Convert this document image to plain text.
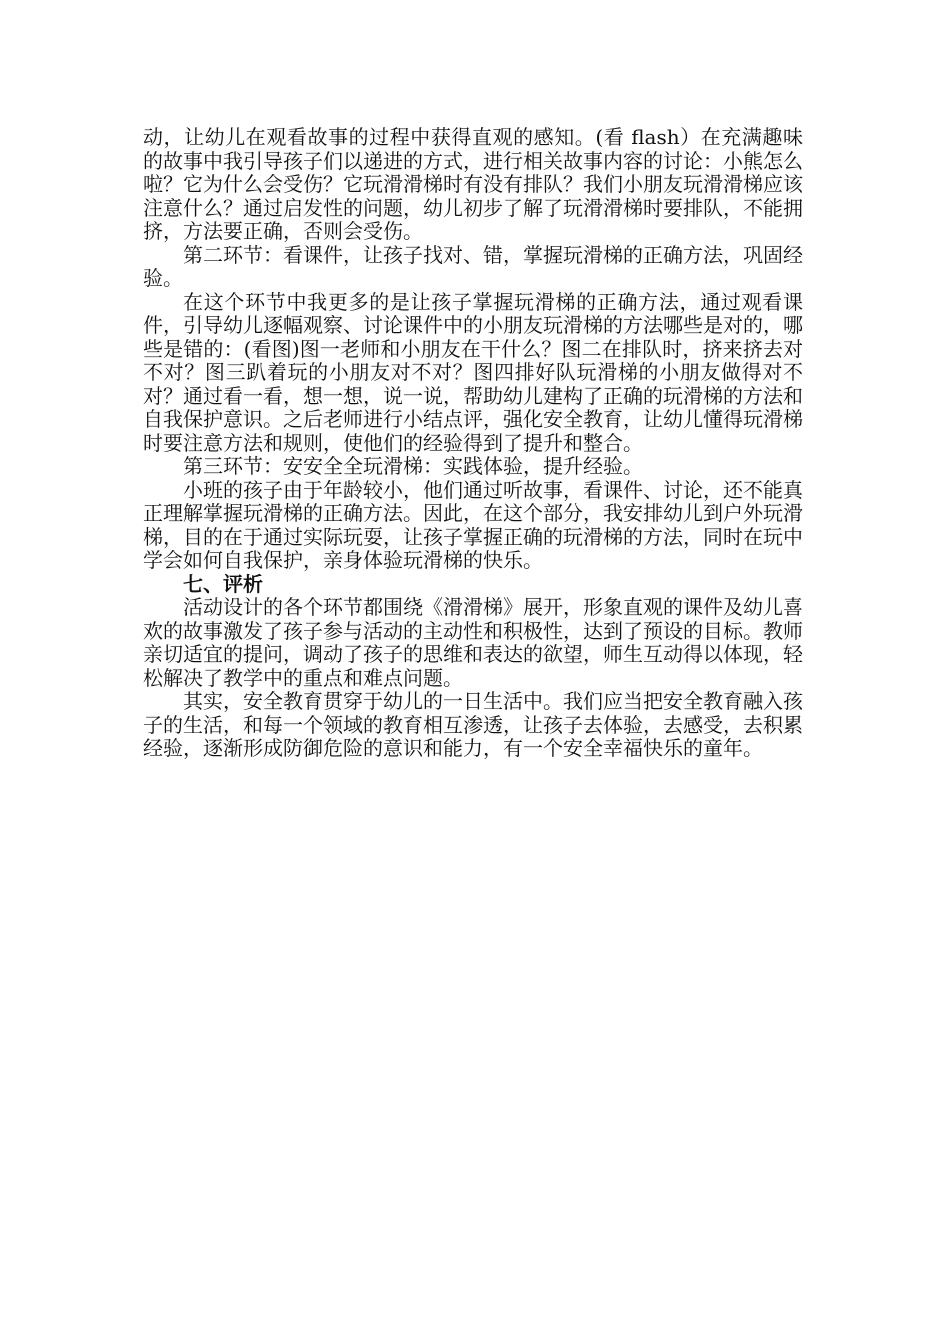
动，让幼儿在观看故事的过程中获得直观的感知。(看 flash）在充满趣味的故事中我引导孩子们以递进的方式，进行相关故事内容的讨论：小熊怎么啦？它为什么会受伤？它玩滑滑梯时有没有排队？我们小朋友玩滑滑梯应该注意什么？通过启发性的问题，幼儿初步了解了玩滑滑梯时要排队，不能拥挤，方法要正确，否则会受伤。

第二环节：看课件，让孩子找对、错，掌握玩滑梯的正确方法，巩固经验。

在这个环节中我更多的是让孩子掌握玩滑梯的正确方法，通过观看课件，引导幼儿逐幅观察、讨论课件中的小朋友玩滑梯的方法哪些是对的，哪些是错的：(看图)图一老师和小朋友在干什么？图二在排队时，挤来挤去对不对？图三趴着玩的小朋友对不对？图四排好队玩滑梯的小朋友做得对不对？通过看一看，想一想，说一说，帮助幼儿建构了正确的玩滑梯的方法和自我保护意识。之后老师进行小结点评，强化安全教育，让幼儿懂得玩滑梯时要注意方法和规则，使他们的经验得到了提升和整合。

第三环节：安安全全玩滑梯：实践体验，提升经验。

小班的孩子由于年龄较小，他们通过听故事，看课件、讨论，还不能真正理解掌握玩滑梯的正确方法。因此，在这个部分，我安排幼儿到户外玩滑梯，目的在于通过实际玩耍，让孩子掌握正确的玩滑梯的方法，同时在玩中学会如何自我保护，亲身体验玩滑梯的快乐。

七、评析

活动设计的各个环节都围绕《滑滑梯》展开，形象直观的课件及幼儿喜欢的故事激发了孩子参与活动的主动性和积极性，达到了预设的目标。教师亲切适宜的提问，调动了孩子的思维和表达的欲望，师生互动得以体现，轻松解决了教学中的重点和难点问题。

其实，安全教育贯穿于幼儿的一日生活中。我们应当把安全教育融入孩子的生活，和每一个领域的教育相互渗透，让孩子去体验，去感受，去积累经验，逐渐形成防御危险的意识和能力，有一个安全幸福快乐的童年。
